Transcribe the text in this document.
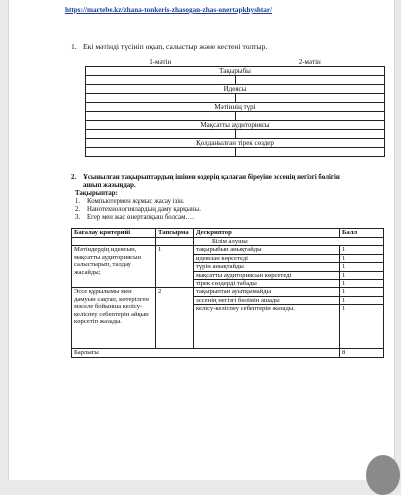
https://martebe.kz/zhana-tonkeris-zhasogan-zhas-onertapkhyshtar/
1. Екі мәтінді түсініп оқып, салыстыр және кестені толтыр.
1-мәтін	2-мәтін
Тақырыбы	

Идеясы	

Мәтіннің түрі	

Мақсатты аудиториясы	

Қолданылған тірек сөздер	

2. Ұсынылған тақырыптардың ішінен өздерің қалаған біреуіне эссенің негізгі бөлігін
ашып жазыңдар.
Тақырыптар:
1. Компьютермен жұмыс жасау ізін.
2. Нанотехнологиялардың даму қарқыны.
3. Егер мен жас өнертапқыш болсам….
Бағалау критерийі	Тапсырма	Дескриптор	Балл
		Білім алушы	
Мәтіндердің идеясын, мақсатты аудиториясын салыстырып, талдау жасайды;	1	тақырыбын анықтайды	1
		идеясын көрсетеді	1
		түрін анықтайды	1
		мақсатты аудиториясын көрсетеді	1
		тірек сөздерді табады	1
Эссе құрылымы мен дамуын сақтап, көтерілген мәселе бойынша келісу-келіспеу себептерін айқын көрсетіп жазады.	2	тақырыптан ауытқымайды	1
		эссенің негізгі бөлімін ашады	1
		келісу-келіспеу себептерін жазады.	1
Барлығы			8
